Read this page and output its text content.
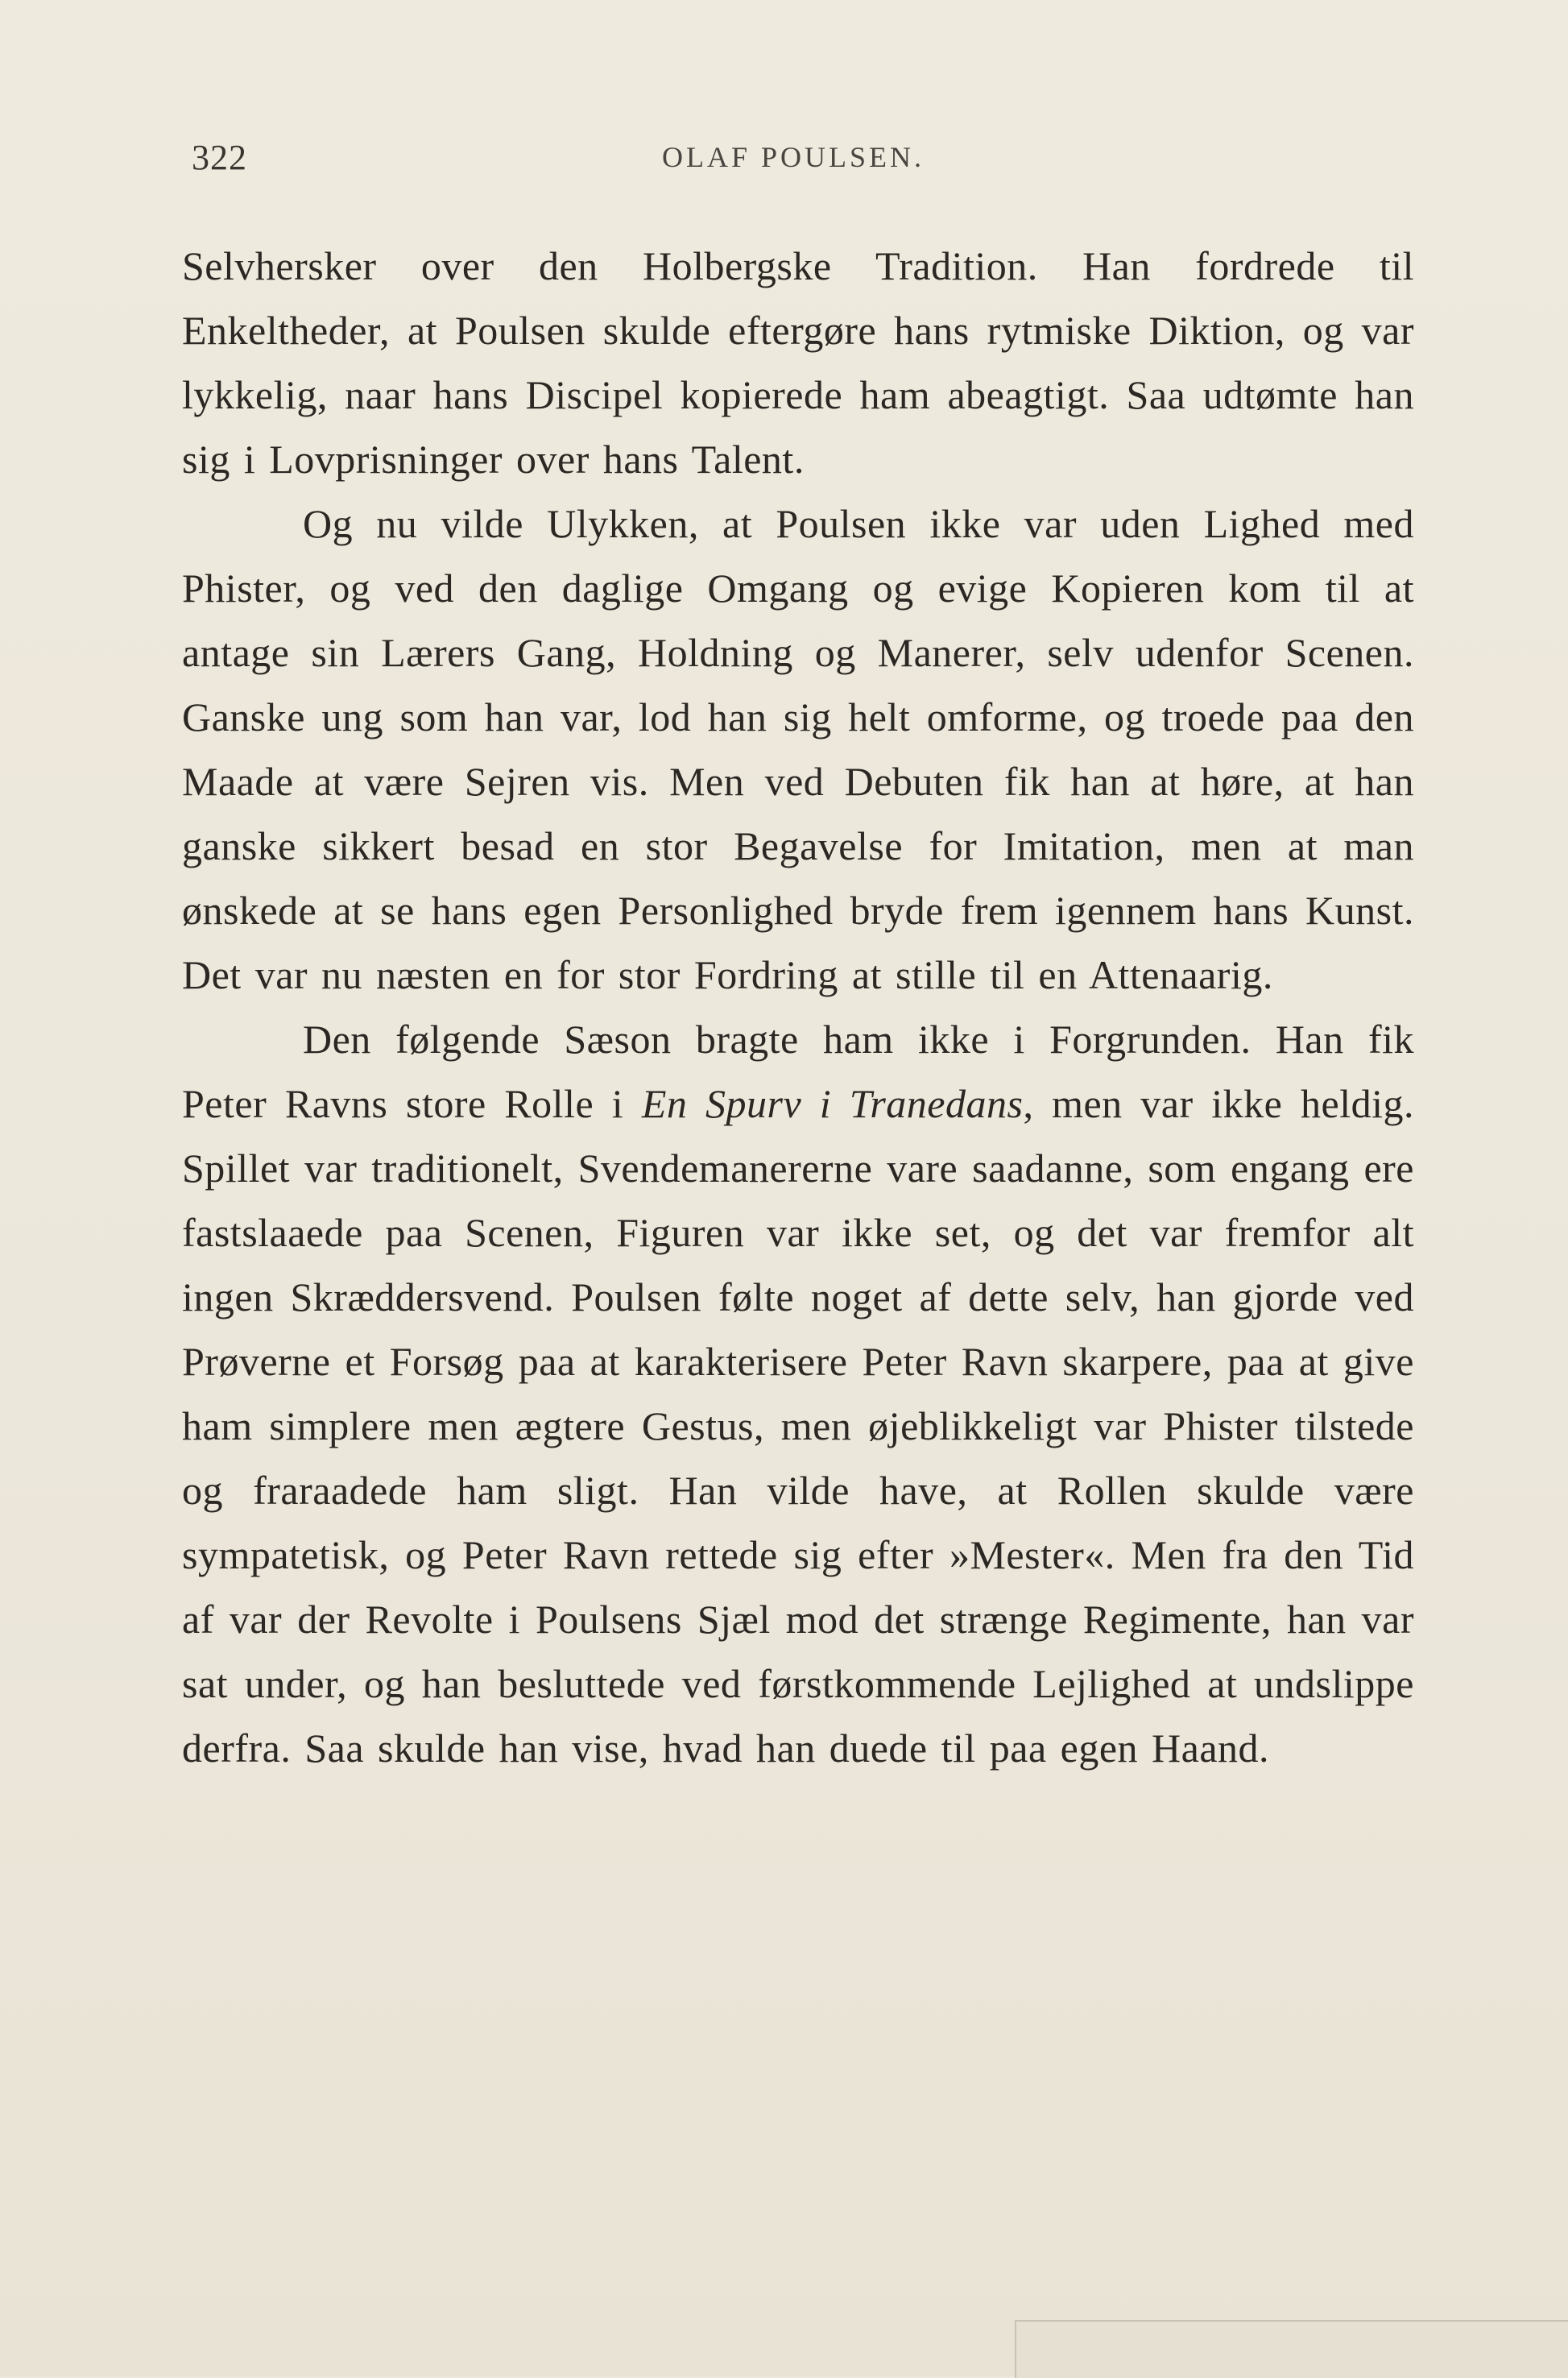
322	OLAF POULSEN.

Selvhersker over den Holbergske Tradition. Han fordrede til Enkeltheder, at Poulsen skulde eftergøre hans rytmiske Diktion, og var lykkelig, naar hans Discipel kopierede ham abeagtigt. Saa udtømte han sig i Lovprisninger over hans Talent.

Og nu vilde Ulykken, at Poulsen ikke var uden Lighed med Phister, og ved den daglige Omgang og evige Kopieren kom til at antage sin Lærers Gang, Holdning og Manerer, selv udenfor Scenen. Ganske ung som han var, lod han sig helt omforme, og troede paa den Maade at være Sejren vis. Men ved Debuten fik han at høre, at han ganske sikkert besad en stor Begavelse for Imitation, men at man ønskede at se hans egen Personlighed bryde frem igennem hans Kunst. Det var nu næsten en for stor Fordring at stille til en Attenaarig.

Den følgende Sæson bragte ham ikke i Forgrunden. Han fik Peter Ravns store Rolle i En Spurv i Tranedans, men var ikke heldig. Spillet var traditionelt, Svendemanererne vare saadanne, som engang ere fastslaaede paa Scenen, Figuren var ikke set, og det var fremfor alt ingen Skræddersvend. Poulsen følte noget af dette selv, han gjorde ved Prøverne et Forsøg paa at karakterisere Peter Ravn skarpere, paa at give ham simplere men ægtere Gestus, men øjeblikkeligt var Phister tilstede og fraraadede ham sligt. Han vilde have, at Rollen skulde være sympatetisk, og Peter Ravn rettede sig efter »Mester«. Men fra den Tid af var der Revolte i Poulsens Sjæl mod det strænge Regimente, han var sat under, og han besluttede ved førstkommende Lejlighed at undslippe derfra. Saa skulde han vise, hvad han duede til paa egen Haand.
